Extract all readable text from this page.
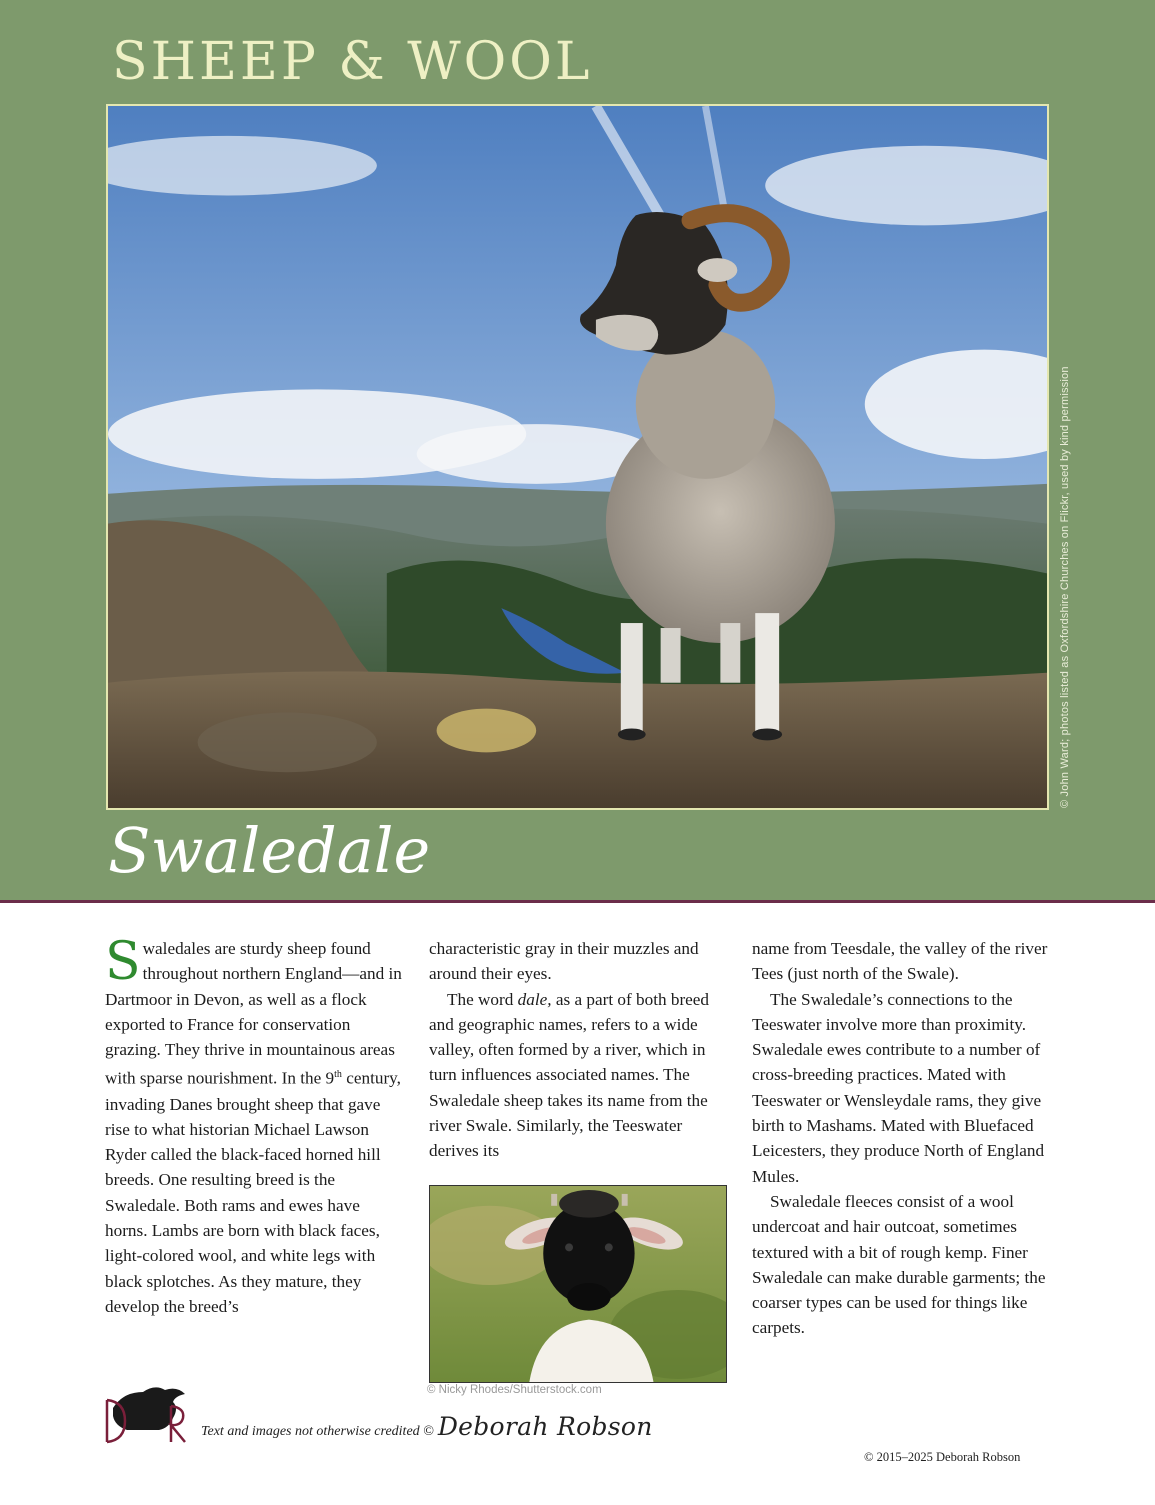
SHEEP & WOOL
© John Ward; photos listed as Oxfordshire Churches on Flickr, used by kind permission
Swaledale

Swaledales are sturdy sheep found throughout northern England—and in Dartmoor in Devon, as well as a flock exported to France for conservation grazing. They thrive in mountainous areas with sparse nourishment. In the 9th century, invading Danes brought sheep that gave rise to what historian Michael Lawson Ryder called the black-faced horned hill breeds. One resulting breed is the Swaledale. Both rams and ewes have horns. Lambs are born with black faces, light-colored wool, and white legs with black splotches. As they mature, they develop the breed’s

characteristic gray in their muzzles and around their eyes.

The word dale, as a part of both breed and geographic names, refers to a wide valley, often formed by a river, which in turn influences associated names. The Swaledale sheep takes its name from the river Swale. Similarly, the Teeswater derives its

© Nicky Rhodes/Shutterstock.com

name from Teesdale, the valley of the river Tees (just north of the Swale).

The Swaledale’s connections to the Teeswater involve more than proximity. Swaledale ewes contribute to a number of cross-breeding practices. Mated with Teeswater or Wensleydale rams, they give birth to Mashams. Mated with Bluefaced Leicesters, they produce North of England Mules.

Swaledale fleeces consist of a wool undercoat and hair outcoat, sometimes textured with a bit of rough kemp. Finer Swaledale can make durable garments; the coarser types can be used for things like carpets.

Text and images not otherwise credited © Deborah Robson
© 2015–2025 Deborah Robson
